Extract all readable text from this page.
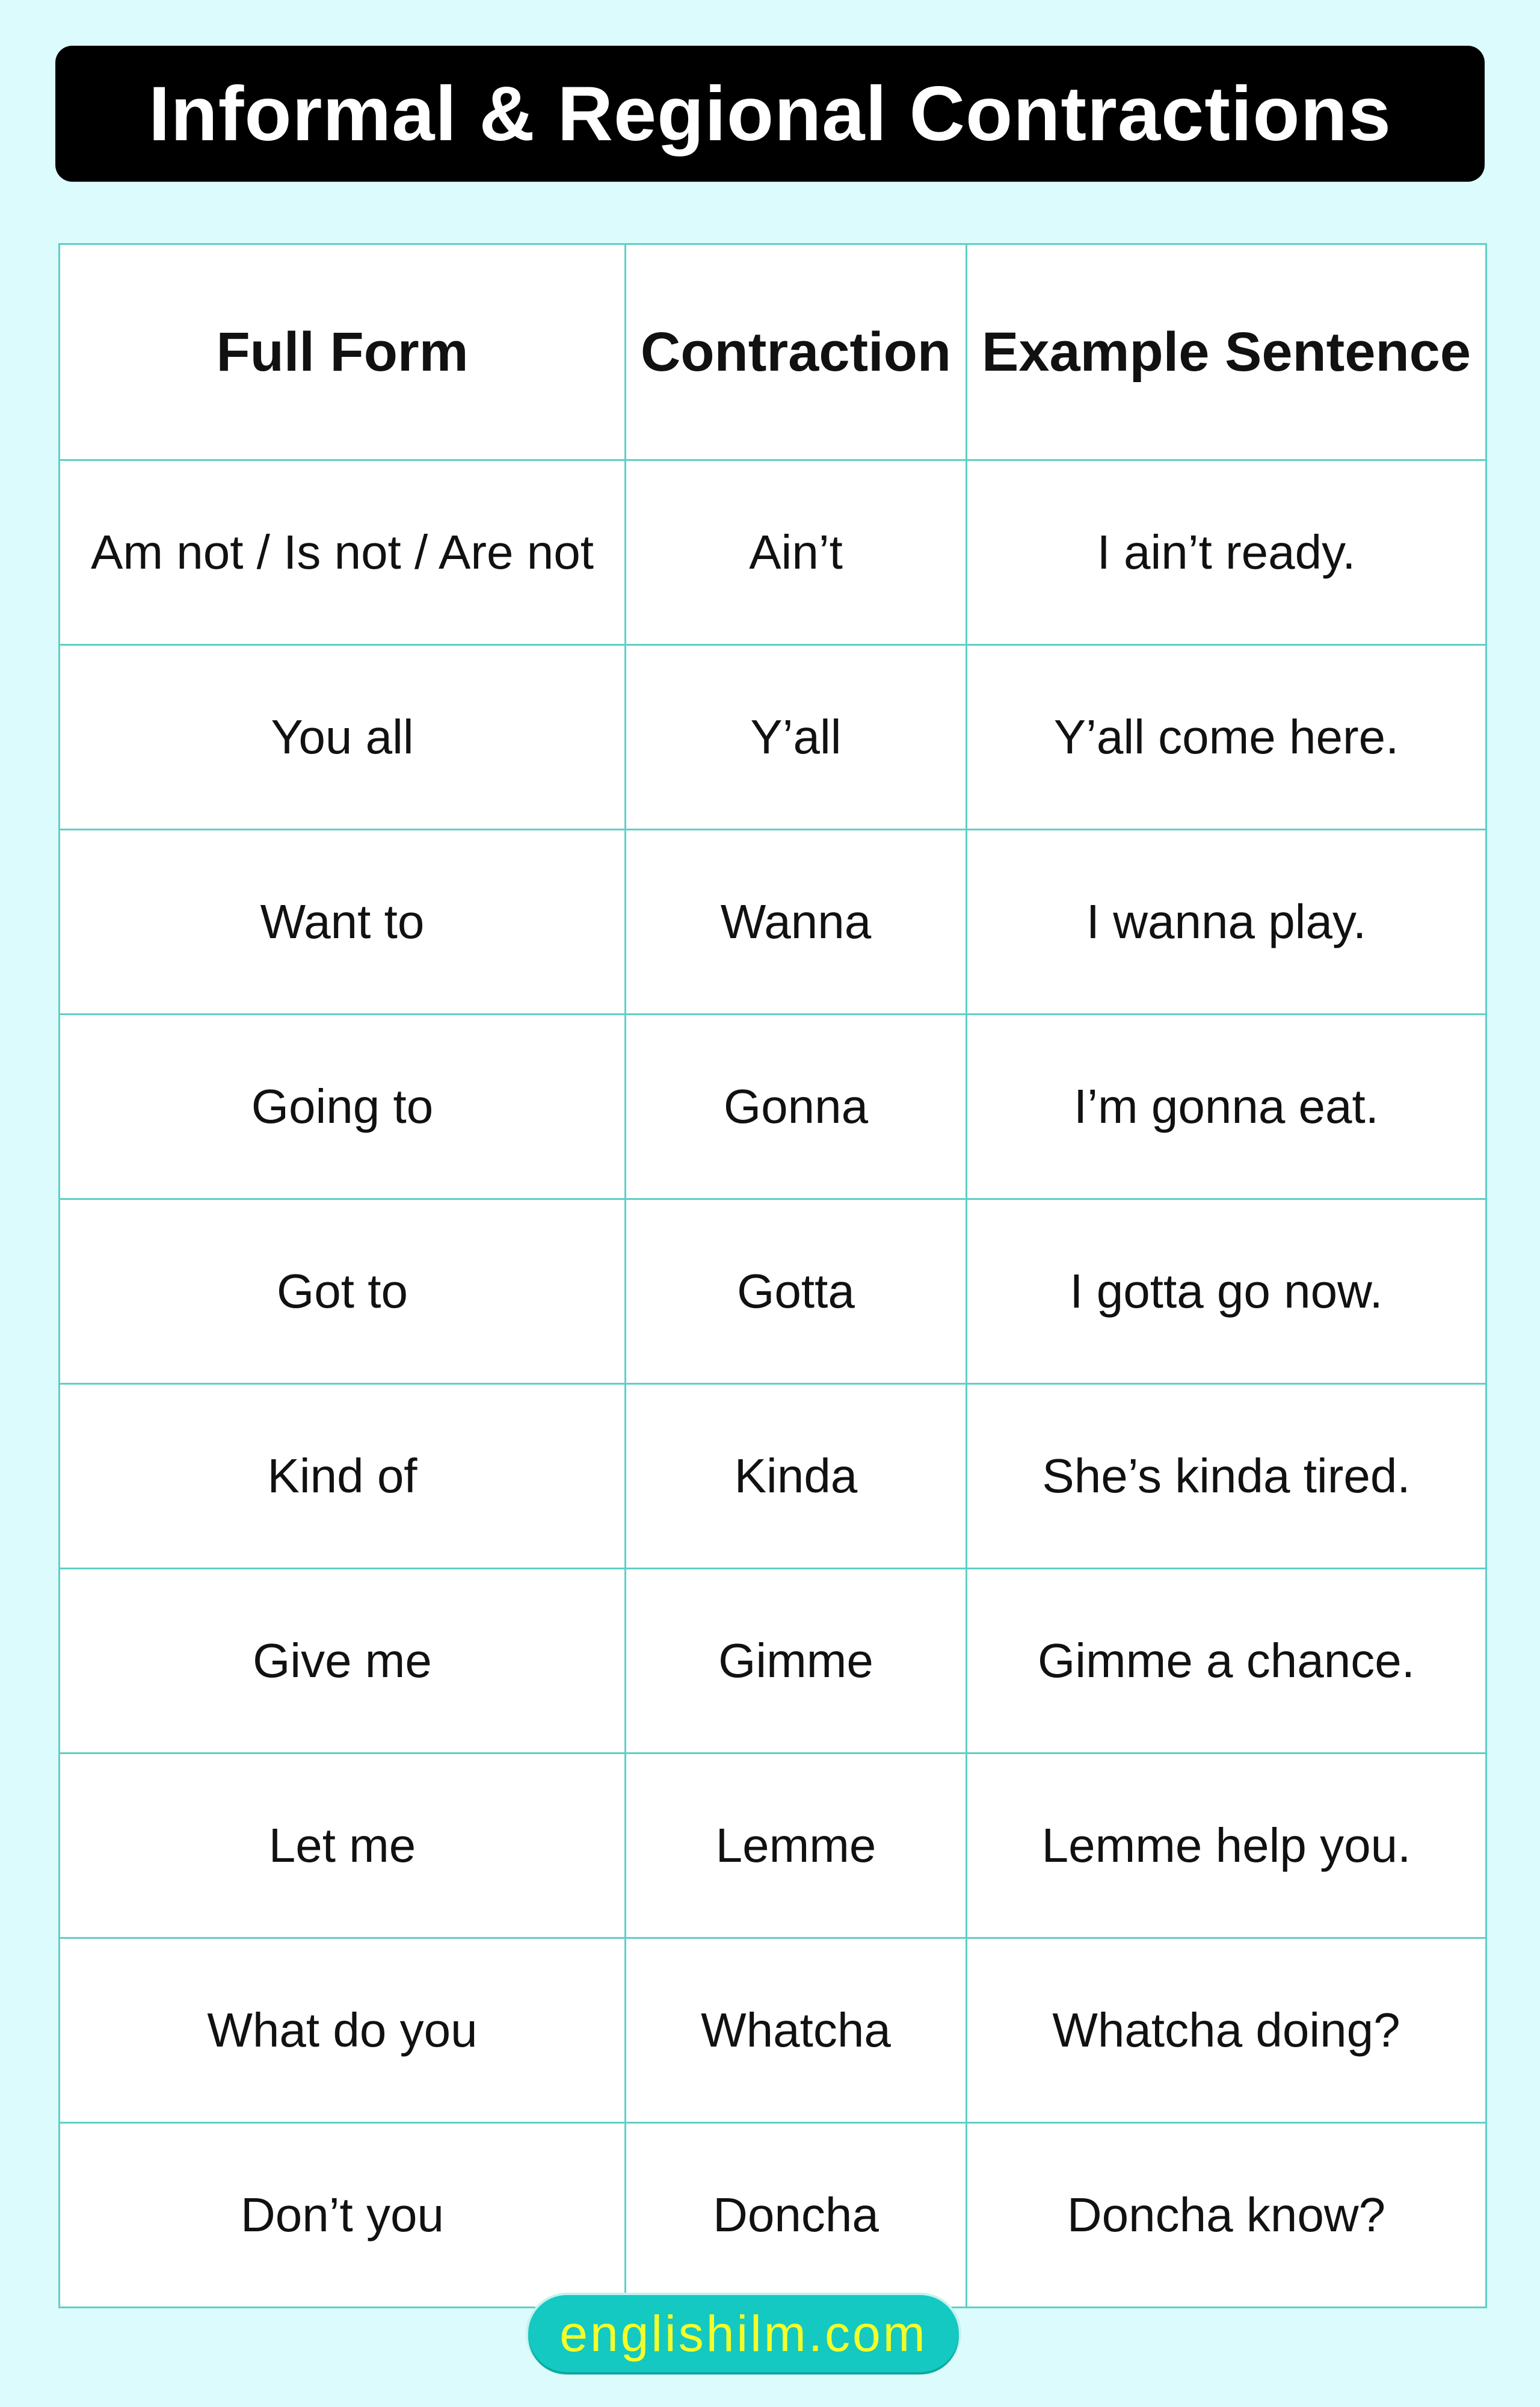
Informal & Regional Contractions
Full Form	Contraction	Example Sentence
Am not / Is not / Are not	Ain’t	I ain’t ready.
You all	Y’all	Y’all come here.
Want to	Wanna	I wanna play.
Going to	Gonna	I’m gonna eat.
Got to	Gotta	I gotta go now.
Kind of	Kinda	She’s kinda tired.
Give me	Gimme	Gimme a chance.
Let me	Lemme	Lemme help you.
What do you	Whatcha	Whatcha doing?
Don’t you	Doncha	Doncha know?
englishilm.com
